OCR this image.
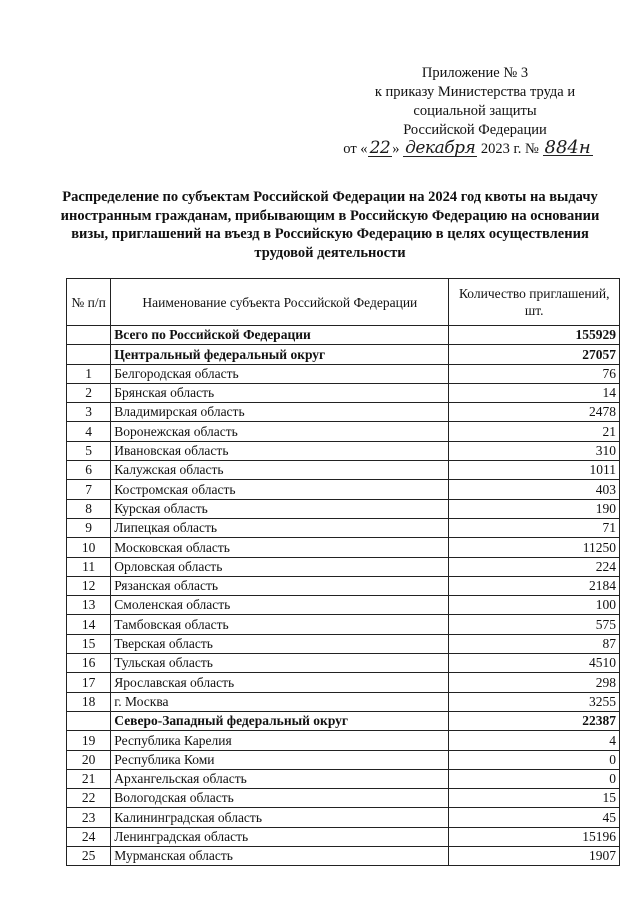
Приложение № 3
к приказу Министерства труда и
социальной защиты
Российской Федерации
от « 22 » декабря 2023 г. № 884н
Распределение по субъектам Российской Федерации на 2024 год квоты на выдачу иностранным гражданам, прибывающим в Российскую Федерацию на основании визы, приглашений на въезд в Российскую Федерацию в целях осуществления трудовой деятельности
№ п/п	Наименование субъекта Российской Федерации	Количество приглашений, шт.
	Всего по Российской Федерации	155929
	Центральный федеральный округ	27057
1	Белгородская область	76
2	Брянская область	14
3	Владимирская область	2478
4	Воронежская область	21
5	Ивановская область	310
6	Калужская область	1011
7	Костромская область	403
8	Курская область	190
9	Липецкая область	71
10	Московская область	11250
11	Орловская область	224
12	Рязанская область	2184
13	Смоленская область	100
14	Тамбовская область	575
15	Тверская область	87
16	Тульская область	4510
17	Ярославская область	298
18	г. Москва	3255
	Северо-Западный федеральный округ	22387
19	Республика Карелия	4
20	Республика Коми	0
21	Архангельская область	0
22	Вологодская область	15
23	Калининградская область	45
24	Ленинградская область	15196
25	Мурманская область	1907
